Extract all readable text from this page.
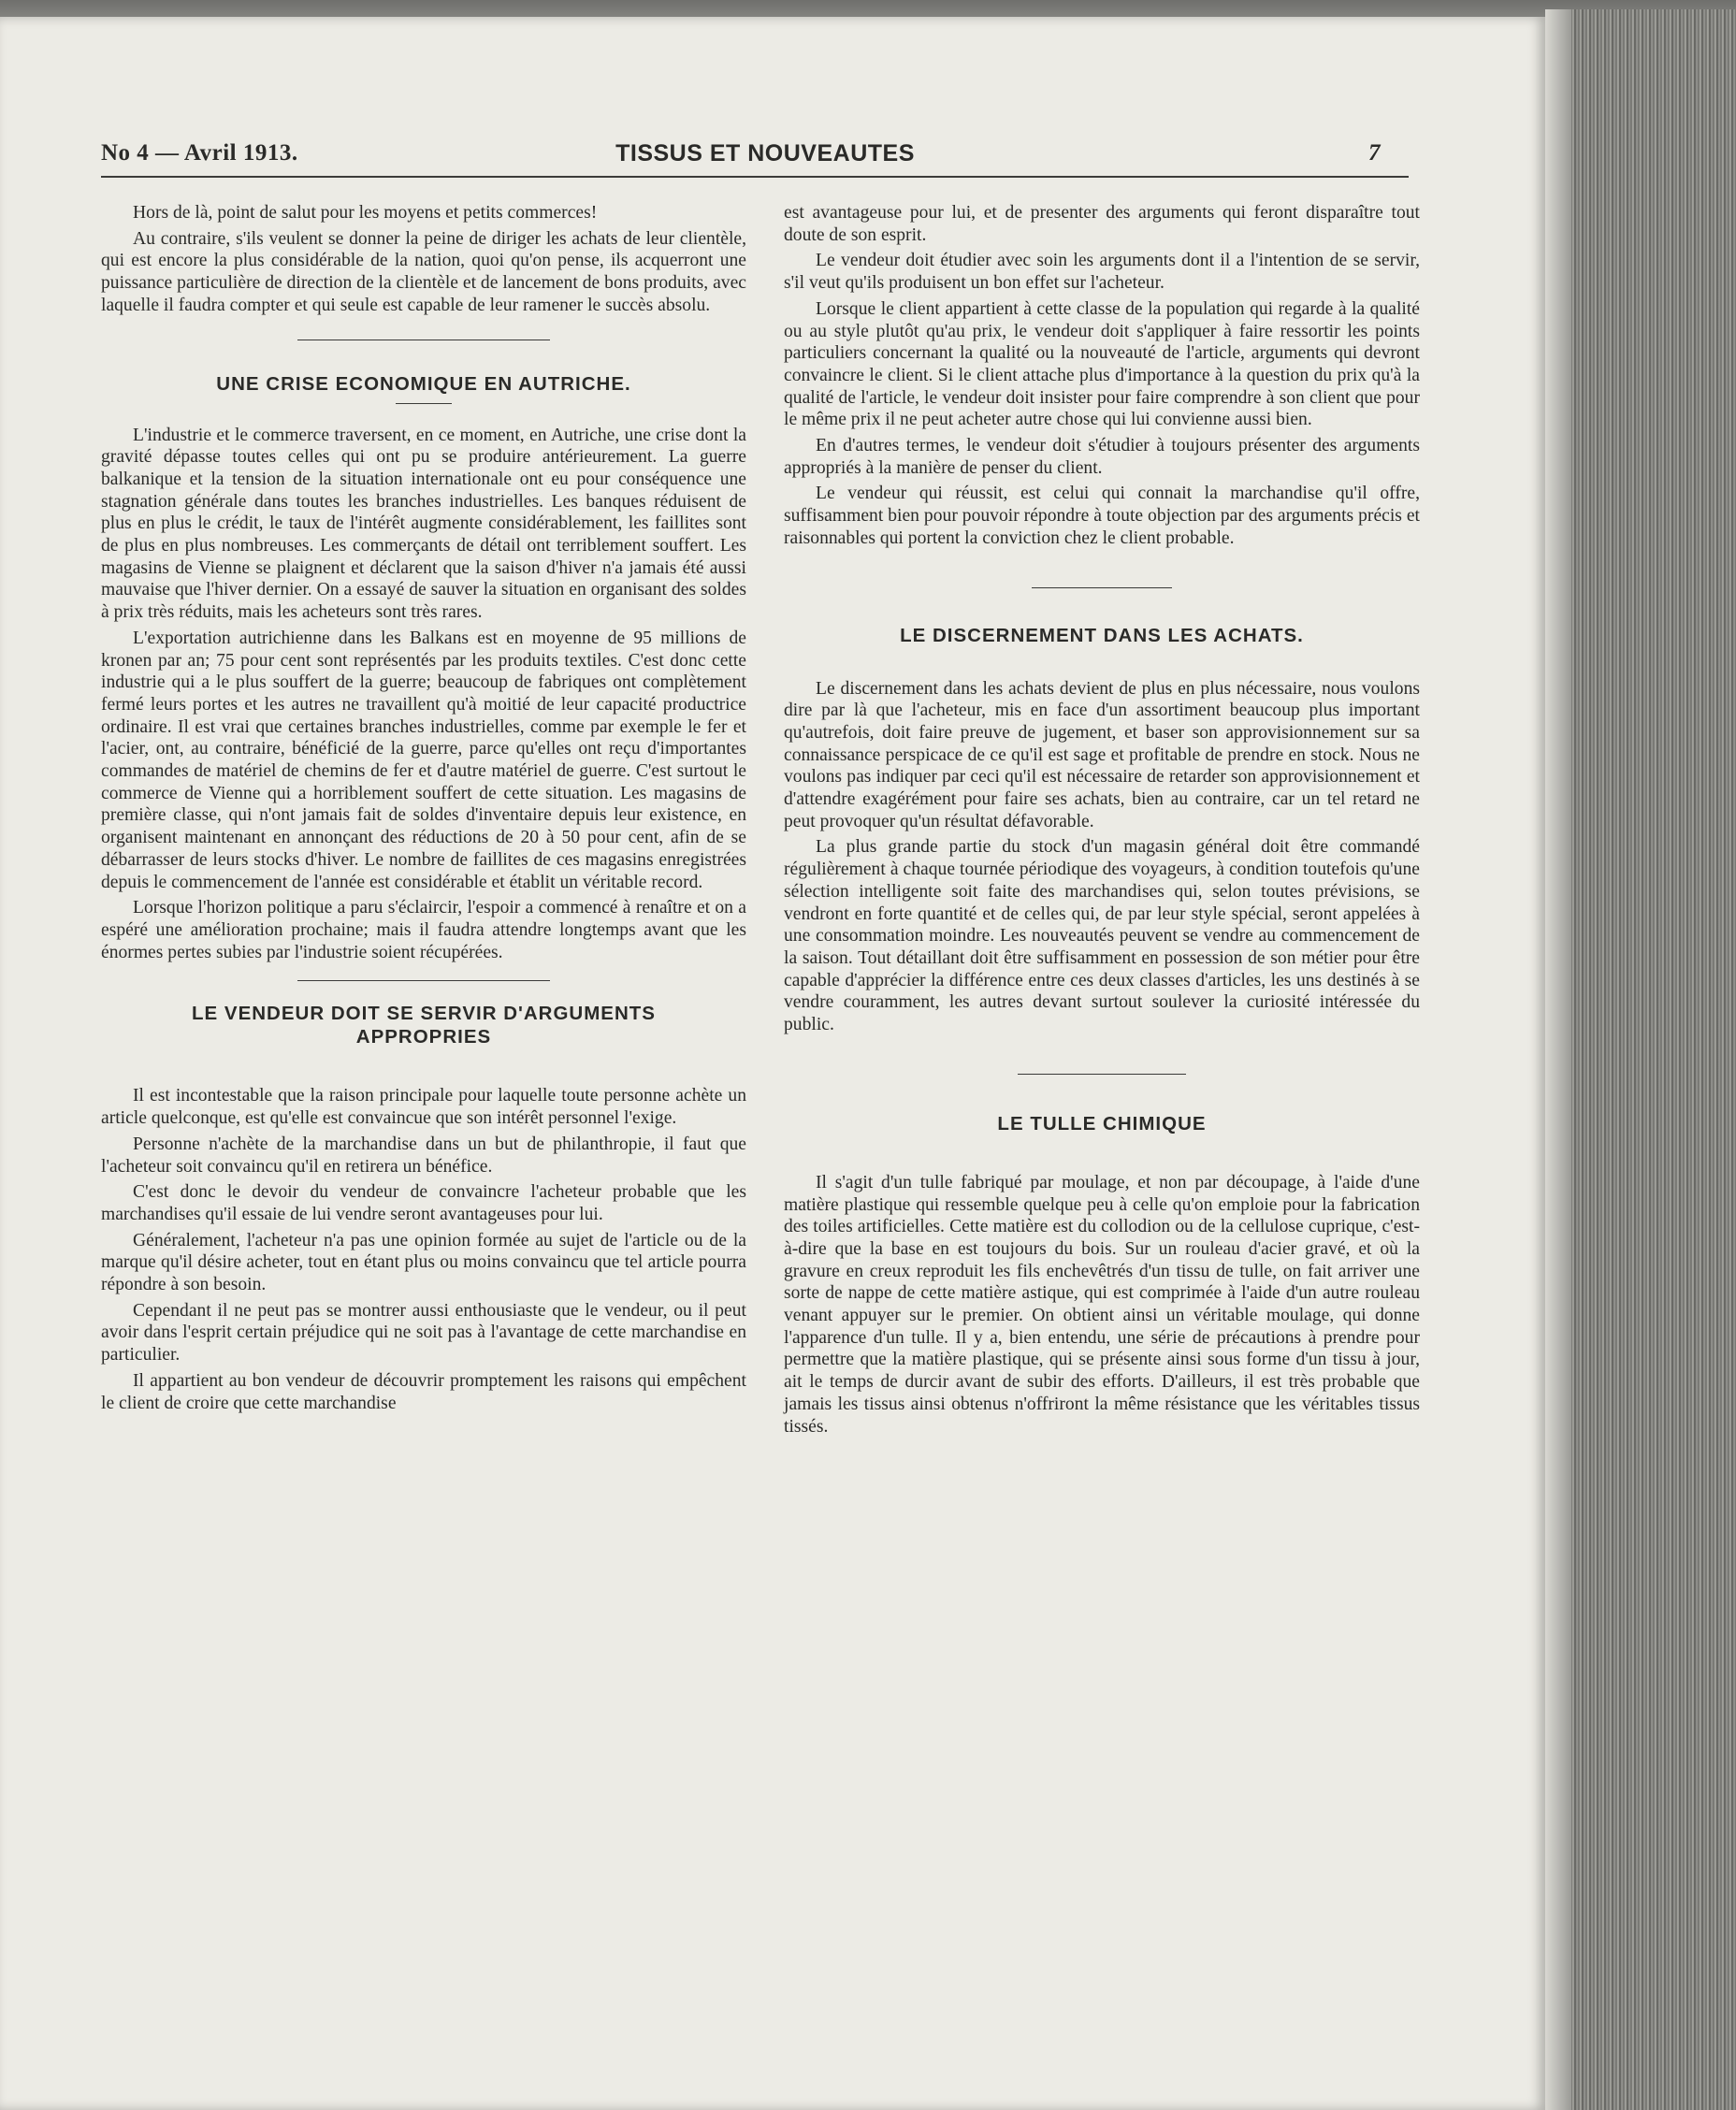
No 4 — Avril 1913.	TISSUS ET NOUVEAUTES	7

Hors de là, point de salut pour les moyens et petits commerces!

Au contraire, s'ils veulent se donner la peine de diriger les achats de leur clientèle, qui est encore la plus considérable de la nation, quoi qu'on pense, ils acquerront une puissance particulière de direction de la clientèle et de lancement de bons produits, avec laquelle il faudra compter et qui seule est capable de leur ramener le succès absolu.

UNE CRISE ECONOMIQUE EN AUTRICHE.

L'industrie et le commerce traversent, en ce moment, en Autriche, une crise dont la gravité dépasse toutes celles qui ont pu se produire antérieurement. La guerre balkanique et la tension de la situation internationale ont eu pour conséquence une stagnation générale dans toutes les branches industrielles. Les banques réduisent de plus en plus le crédit, le taux de l'intérêt augmente considérablement, les faillites sont de plus en plus nombreuses. Les commerçants de détail ont terriblement souffert. Les magasins de Vienne se plaignent et déclarent que la saison d'hiver n'a jamais été aussi mauvaise que l'hiver dernier. On a essayé de sauver la situation en organisant des soldes à prix très réduits, mais les acheteurs sont très rares.

L'exportation autrichienne dans les Balkans est en moyenne de 95 millions de kronen par an; 75 pour cent sont représentés par les produits textiles. C'est donc cette industrie qui a le plus souffert de la guerre; beaucoup de fabriques ont complètement fermé leurs portes et les autres ne travaillent qu'à moitié de leur capacité productrice ordinaire. Il est vrai que certaines branches industrielles, comme par exemple le fer et l'acier, ont, au contraire, bénéficié de la guerre, parce qu'elles ont reçu d'importantes commandes de matériel de chemins de fer et d'autre matériel de guerre. C'est surtout le commerce de Vienne qui a horriblement souffert de cette situation. Les magasins de première classe, qui n'ont jamais fait de soldes d'inventaire depuis leur existence, en organisent maintenant en annonçant des réductions de 20 à 50 pour cent, afin de se débarrasser de leurs stocks d'hiver. Le nombre de faillites de ces magasins enregistrées depuis le commencement de l'année est considérable et établit un véritable record.

Lorsque l'horizon politique a paru s'éclaircir, l'espoir a commencé à renaître et on a espéré une amélioration prochaine; mais il faudra attendre longtemps avant que les énormes pertes subies par l'industrie soient récupérées.

LE VENDEUR DOIT SE SERVIR D'ARGUMENTS
APPROPRIES

Il est incontestable que la raison principale pour laquelle toute personne achète un article quelconque, est qu'elle est convaincue que son intérêt personnel l'exige.

Personne n'achète de la marchandise dans un but de philanthropie, il faut que l'acheteur soit convaincu qu'il en retirera un bénéfice.

C'est donc le devoir du vendeur de convaincre l'acheteur probable que les marchandises qu'il essaie de lui vendre seront avantageuses pour lui.

Généralement, l'acheteur n'a pas une opinion formée au sujet de l'article ou de la marque qu'il désire acheter, tout en étant plus ou moins convaincu que tel article pourra répondre à son besoin.

Cependant il ne peut pas se montrer aussi enthousiaste que le vendeur, ou il peut avoir dans l'esprit certain préjudice qui ne soit pas à l'avantage de cette marchandise en particulier.

Il appartient au bon vendeur de découvrir promptement les raisons qui empêchent le client de croire que cette marchandise

est avantageuse pour lui, et de presenter des arguments qui feront disparaître tout doute de son esprit.

Le vendeur doit étudier avec soin les arguments dont il a l'intention de se servir, s'il veut qu'ils produisent un bon effet sur l'acheteur.

Lorsque le client appartient à cette classe de la population qui regarde à la qualité ou au style plutôt qu'au prix, le vendeur doit s'appliquer à faire ressortir les points particuliers concernant la qualité ou la nouveauté de l'article, arguments qui devront convaincre le client. Si le client attache plus d'importance à la question du prix qu'à la qualité de l'article, le vendeur doit insister pour faire comprendre à son client que pour le même prix il ne peut acheter autre chose qui lui convienne aussi bien.

En d'autres termes, le vendeur doit s'étudier à toujours présenter des arguments appropriés à la manière de penser du client.

Le vendeur qui réussit, est celui qui connait la marchandise qu'il offre, suffisamment bien pour pouvoir répondre à toute objection par des arguments précis et raisonnables qui portent la conviction chez le client probable.

LE DISCERNEMENT DANS LES ACHATS.

Le discernement dans les achats devient de plus en plus nécessaire, nous voulons dire par là que l'acheteur, mis en face d'un assortiment beaucoup plus important qu'autrefois, doit faire preuve de jugement, et baser son approvisionnement sur sa connaissance perspicace de ce qu'il est sage et profitable de prendre en stock. Nous ne voulons pas indiquer par ceci qu'il est nécessaire de retarder son approvisionnement et d'attendre exagérément pour faire ses achats, bien au contraire, car un tel retard ne peut provoquer qu'un résultat défavorable.

La plus grande partie du stock d'un magasin général doit être commandé régulièrement à chaque tournée périodique des voyageurs, à condition toutefois qu'une sélection intelligente soit faite des marchandises qui, selon toutes prévisions, se vendront en forte quantité et de celles qui, de par leur style spécial, seront appelées à une consommation moindre. Les nouveautés peuvent se vendre au commencement de la saison. Tout détaillant doit être suffisamment en possession de son métier pour être capable d'apprécier la différence entre ces deux classes d'articles, les uns destinés à se vendre couramment, les autres devant surtout soulever la curiosité intéressée du public.

LE TULLE CHIMIQUE

Il s'agit d'un tulle fabriqué par moulage, et non par découpage, à l'aide d'une matière plastique qui ressemble quelque peu à celle qu'on emploie pour la fabrication des toiles artificielles. Cette matière est du collodion ou de la cellulose cuprique, c'est-à-dire que la base en est toujours du bois. Sur un rouleau d'acier gravé, et où la gravure en creux reproduit les fils enchevêtrés d'un tissu de tulle, on fait arriver une sorte de nappe de cette matière astique, qui est comprimée à l'aide d'un autre rouleau venant appuyer sur le premier. On obtient ainsi un véritable moulage, qui donne l'apparence d'un tulle. Il y a, bien entendu, une série de précautions à prendre pour permettre que la matière plastique, qui se présente ainsi sous forme d'un tissu à jour, ait le temps de durcir avant de subir des efforts. D'ailleurs, il est très probable que jamais les tissus ainsi obtenus n'offriront la même résistance que les véritables tissus tissés.
